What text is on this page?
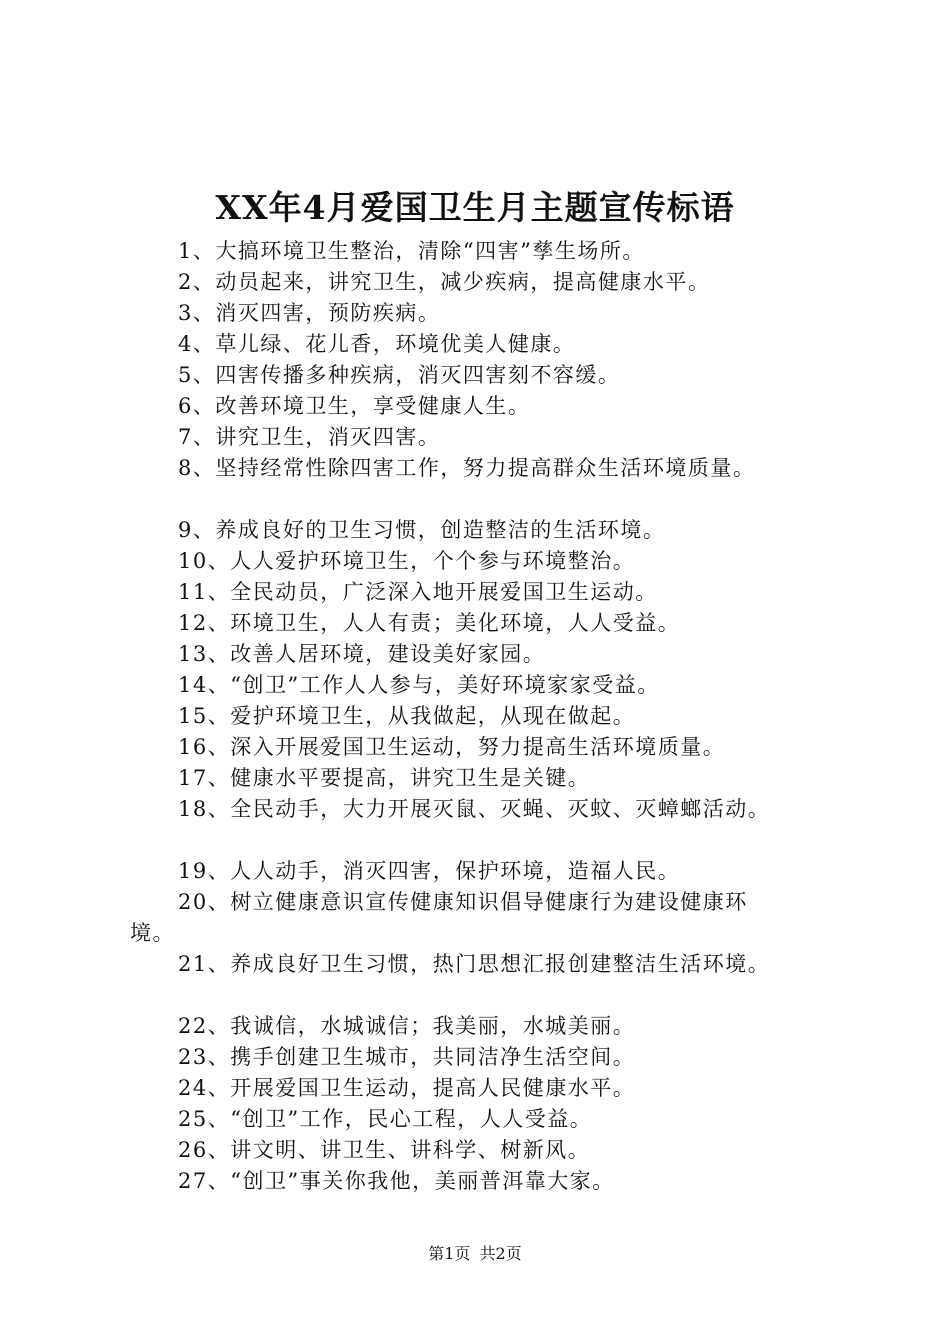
XX年4月爱国卫生月主题宣传标语

1、大搞环境卫生整治，清除“四害”孳生场所。

2、动员起来，讲究卫生，减少疾病，提高健康水平。

3、消灭四害，预防疾病。

4、草儿绿、花儿香，环境优美人健康。

5、四害传播多种疾病，消灭四害刻不容缓。

6、改善环境卫生，享受健康人生。

7、讲究卫生，消灭四害。

8、坚持经常性除四害工作，努力提高群众生活环境质量。

9、养成良好的卫生习惯，创造整洁的生活环境。

10、人人爱护环境卫生，个个参与环境整治。

11、全民动员，广泛深入地开展爱国卫生运动。

12、环境卫生，人人有责；美化环境，人人受益。

13、改善人居环境，建设美好家园。

14、“创卫”工作人人参与，美好环境家家受益。

15、爱护环境卫生，从我做起，从现在做起。

16、深入开展爱国卫生运动，努力提高生活环境质量。

17、健康水平要提高，讲究卫生是关键。

18、全民动手，大力开展灭鼠、灭蝇、灭蚊、灭蟑螂活动。

19、人人动手，消灭四害，保护环境，造福人民。

20、树立健康意识宣传健康知识倡导健康行为建设健康环

境。

21、养成良好卫生习惯，热门思想汇报创建整洁生活环境。

22、我诚信，水城诚信；我美丽，水城美丽。

23、携手创建卫生城市，共同洁净生活空间。

24、开展爱国卫生运动，提高人民健康水平。

25、“创卫”工作，民心工程，人人受益。

26、讲文明、讲卫生、讲科学、树新风。

27、“创卫”事关你我他，美丽普洱靠大家。

第1页 共2页
